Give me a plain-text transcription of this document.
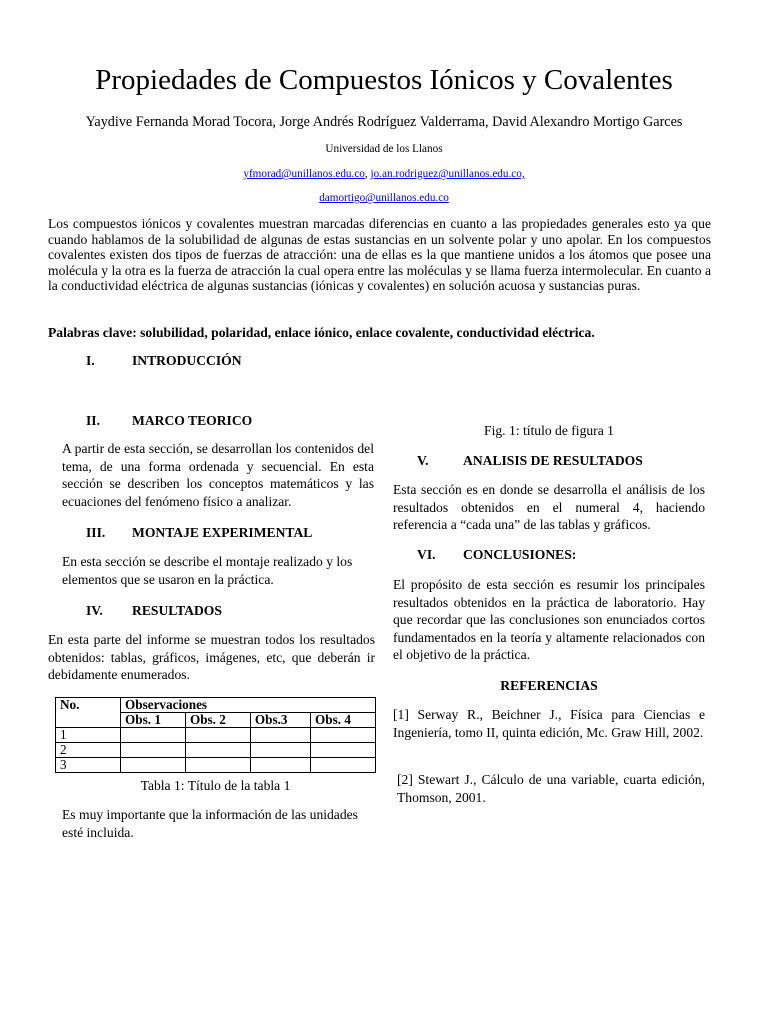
Propiedades de Compuestos Iónicos y Covalentes
Yaydive Fernanda Morad Tocora, Jorge Andrés Rodríguez Valderrama, David Alexandro Mortigo Garces
Universidad de los Llanos
yfmorad@unillanos.edu.co, jo.an.rodriguez@unillanos.edu.co,
damortigo@unillanos.edu.co
Los compuestos iónicos y covalentes muestran marcadas diferencias en cuanto a las propiedades generales esto ya que cuando hablamos de la solubilidad de algunas de estas sustancias en un solvente polar y uno apolar. En los compuestos covalentes existen dos tipos de fuerzas de atracción: una de ellas es la que mantiene unidos a los átomos que posee una molécula y la otra es la fuerza de atracción la cual opera entre las moléculas y se llama fuerza intermolecular. En cuanto a la conductividad eléctrica de algunas sustancias (iónicas y covalentes) en solución acuosa y sustancias puras.
Palabras clave: solubilidad, polaridad, enlace iónico, enlace covalente, conductividad eléctrica.
I.	INTRODUCCIÓN
II. MARCO TEORICO
A partir de esta sección, se desarrollan los contenidos del tema, de una forma ordenada y secuencial. En esta sección se describen los conceptos matemáticos y las ecuaciones del fenómeno físico a analizar.
III. MONTAJE EXPERIMENTAL
En esta sección se describe el montaje realizado y los elementos que se usaron en la práctica.
IV. RESULTADOS
En esta parte del informe se muestran todos los resultados obtenidos: tablas, gráficos, imágenes, etc, que deberán ir debidamente enumerados.
No.	Observaciones			
	Obs. 1	Obs. 2	Obs.3	Obs. 4
1				
2				
3				
Tabla 1: Título de la tabla 1
Es muy importante que la información de las unidades esté incluida.
Fig. 1: título de figura 1
V.	ANALISIS DE RESULTADOS
Esta sección es en donde se desarrolla el análisis de los resultados obtenidos en el numeral 4, haciendo referencia a “cada una” de las tablas y gráficos.
VI. CONCLUSIONES:
El propósito de esta sección es resumir los principales resultados obtenidos en la práctica de laboratorio. Hay que recordar que las conclusiones son enunciados cortos fundamentados en la teoría y altamente relacionados con el objetivo de la práctica.
REFERENCIAS
[1] Serway R., Beichner J., Física para Ciencias e Ingeniería, tomo II, quinta edición, Mc. Graw Hill, 2002.
[2] Stewart J., Cálculo de una variable, cuarta edición, Thomson, 2001.
